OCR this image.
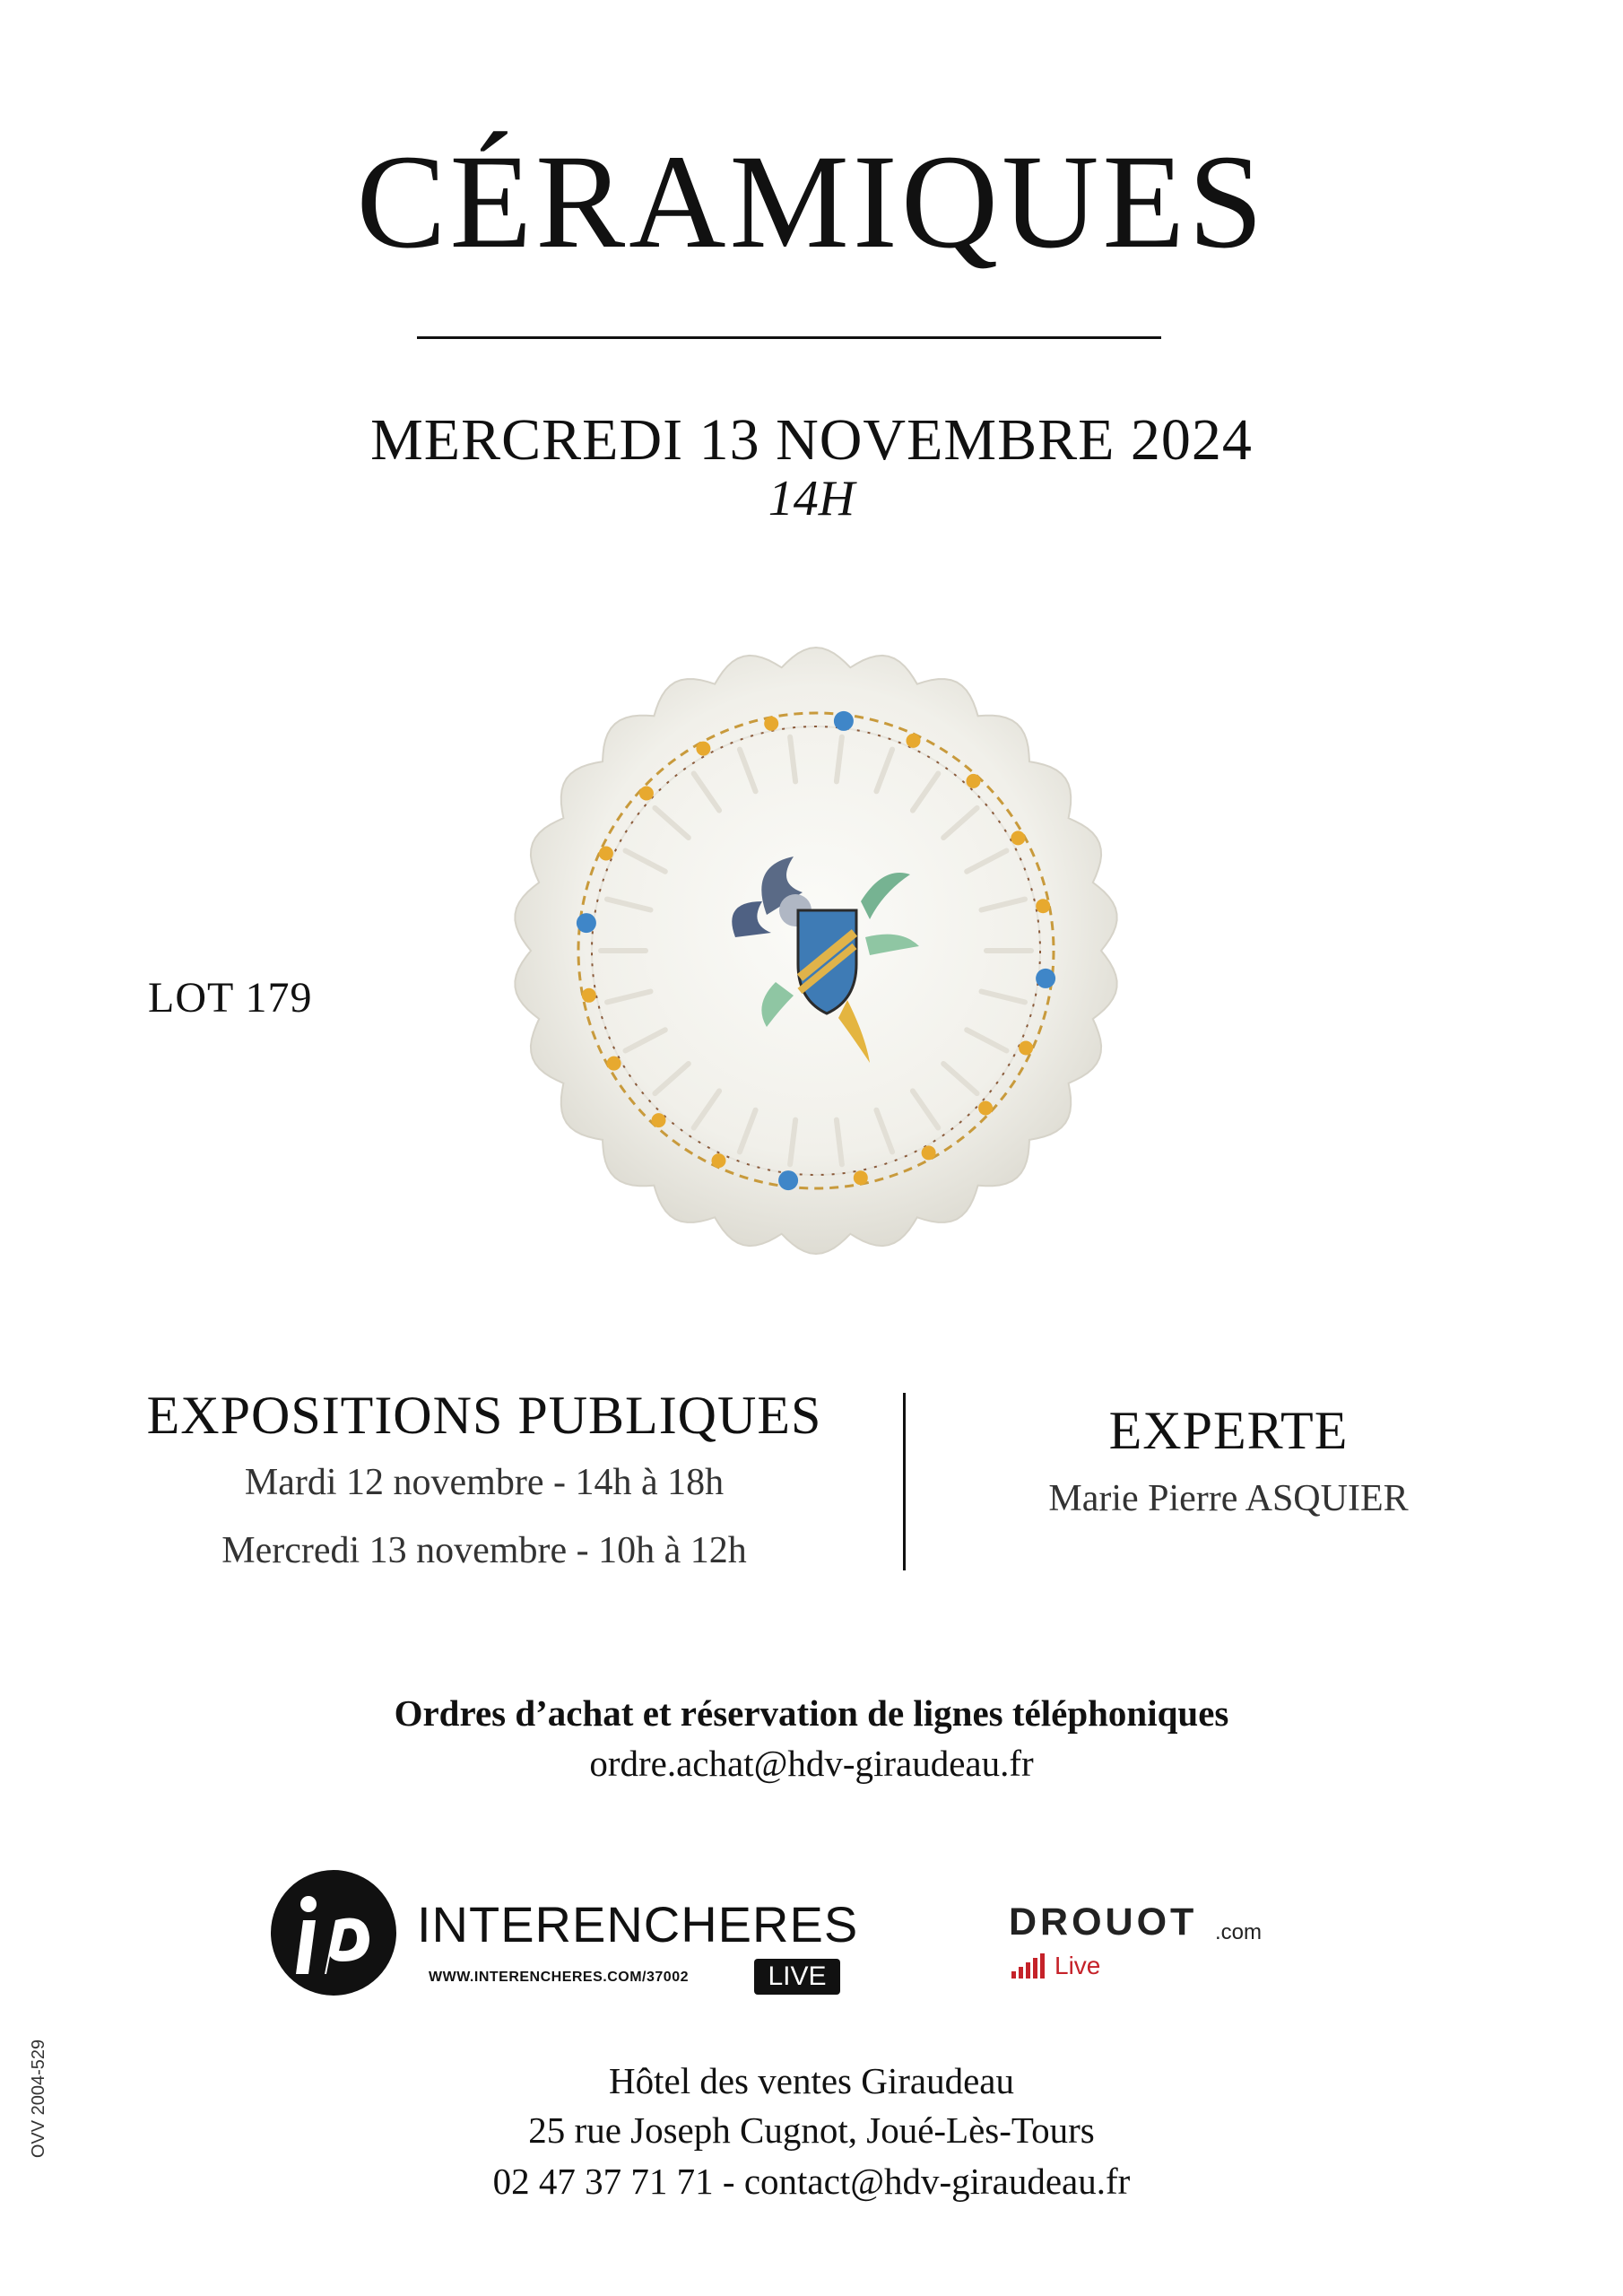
CÉRAMIQUES
MERCREDI 13 NOVEMBRE 2024
14H
LOT 179
EXPOSITIONS PUBLIQUES
Mardi 12 novembre - 14h à 18h
Mercredi 13 novembre - 10h à 12h
EXPERTE
Marie Pierre ASQUIER
Ordres d’achat et réservation de lignes téléphoniques
ordre.achat@hdv-giraudeau.fr
INTERENCHERES
WWW.INTERENCHERES.COM/37002	LIVE
DROUOT .com
Live
OVV 2004-529	Hôtel des ventes Giraudeau
25 rue Joseph Cugnot, Joué-Lès-Tours
02 47 37 71 71 - contact@hdv-giraudeau.fr
